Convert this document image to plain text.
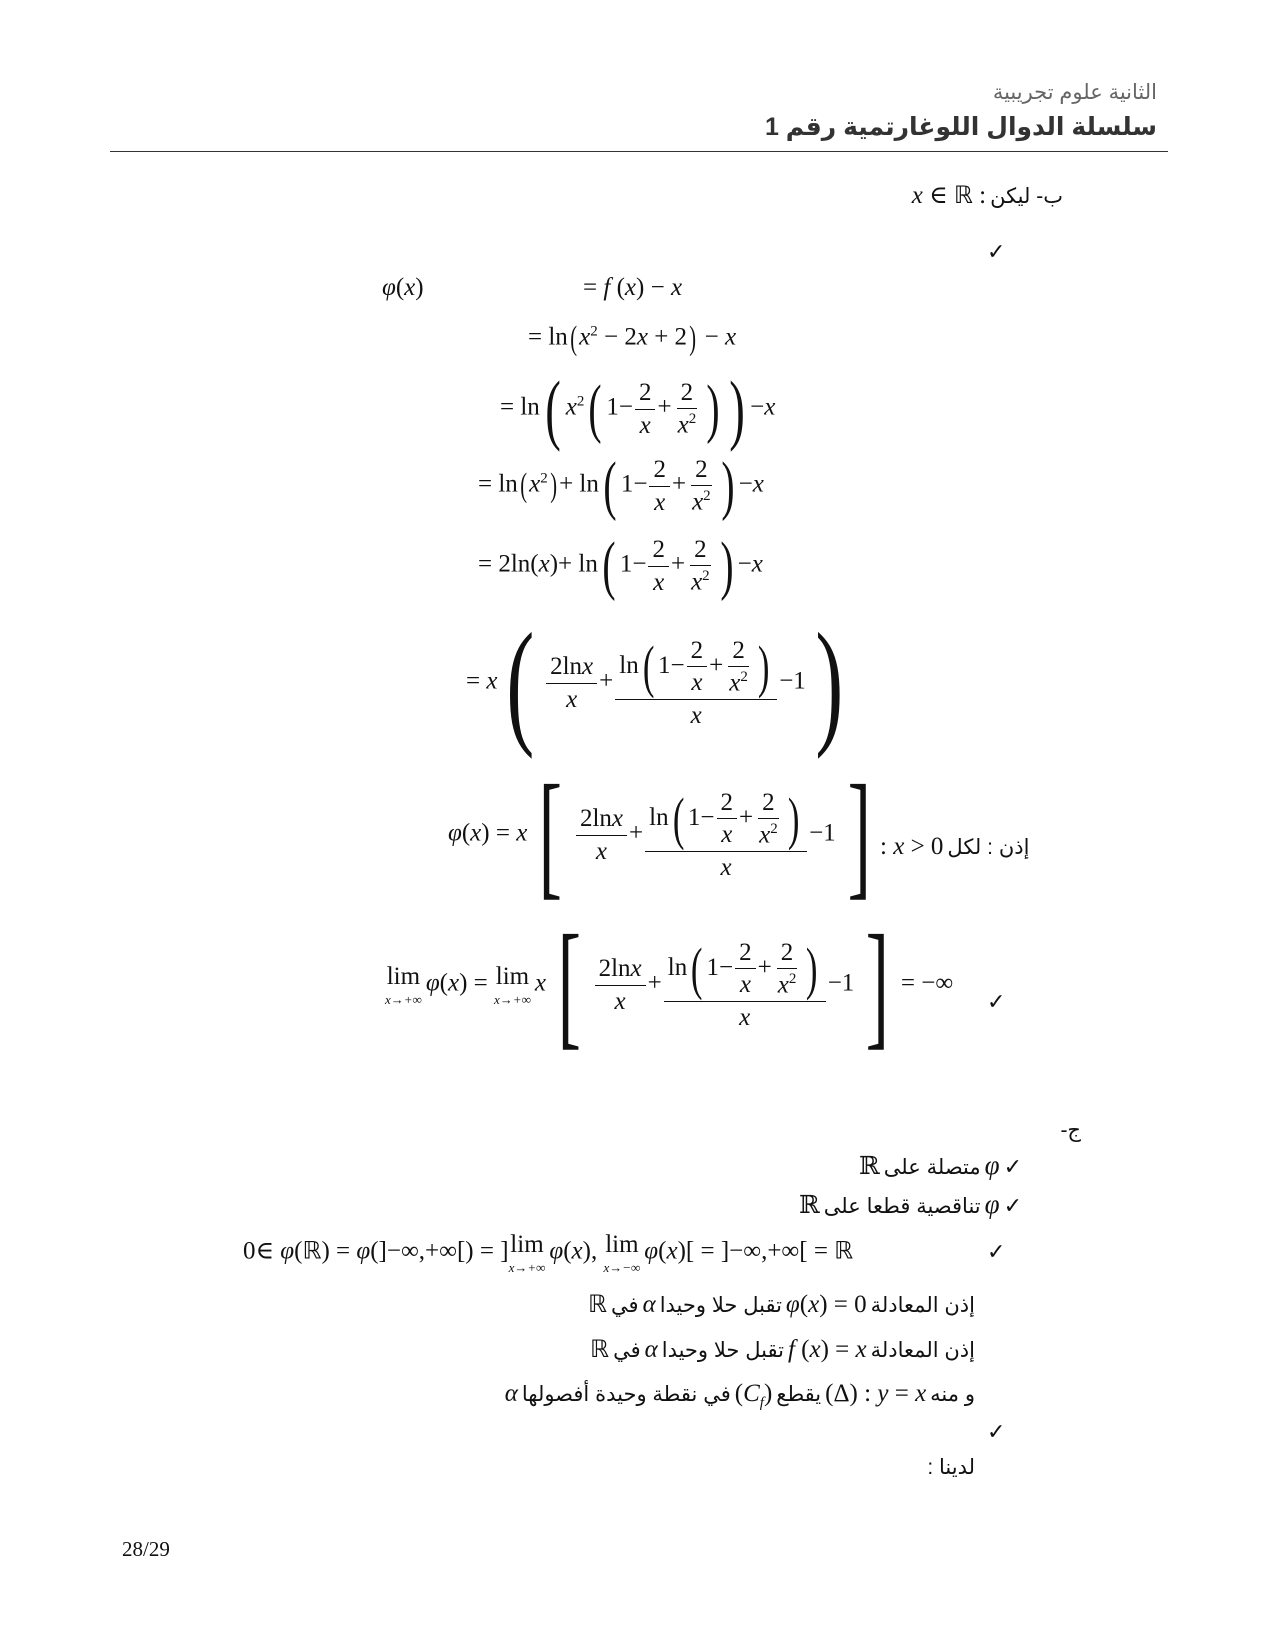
الثانية علوم تجريبية
سلسلة الدوال اللوغارتمية رقم 1
ب- ليكن x ∈ ℝ :
✓
φ(x)	= f (x) − x
= $\ln(x^2 - 2x + 2) - x$
= ln( $x^2$( $1- \frac{2}{x} + \frac{2}{x^2}$ ) ) −x
= $\ln(x^2)+ \ln$( $1- \frac{2}{x} + \frac{2}{x^2}$ ) −x
= 2ln(x)+ ln( $1- \frac{2}{x} + \frac{2}{x^2}$ ) −x
= $x( \frac{2\ln x}{x} + \frac{\ln( 1- \frac{2}{x} + \frac{2}{x^2} )}{x} -1)$
$\varphi(x) = x[ \frac{2\ln x}{x} + \frac{\ln( 1- \frac{2}{x} + \frac{2}{x^2} )}{x} -1]$ : x > 0 إذن : لكل
lim
x→+∞
φ(x) = lim
x→+∞
$x[ \frac{2\ln x}{x} + \frac{\ln( 1- \frac{2}{x} + \frac{2}{x^2} )}{x} -1]$ = −∞
✓
ج-
✓ φ متصلة على ℝ
✓ φ تناقصية قطعا على ℝ
0∈ φ(ℝ) = φ(]−∞,+∞[) = ] lim
x→+∞
φ(x), lim
x→−∞
φ(x)[ = ]−∞,+∞[ = ℝ	✓
إذن المعادلة φ(x) = 0 تقبل حلا وحيدا α في ℝ
إذن المعادلة f (x) = x تقبل حلا وحيدا α في ℝ
و منه (Δ) : y = x يقطع $(C_f)$ في نقطة وحيدة أفصولها α
✓
لدينا :
28/29
